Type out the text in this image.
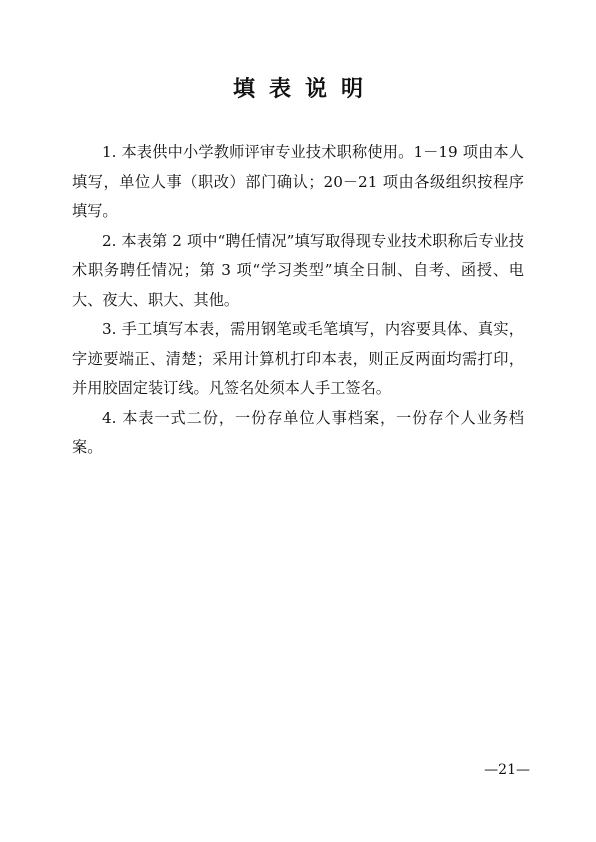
填表说明

1. 本表供中小学教师评审专业技术职称使用。1－19 项由本人填写，单位人事（职改）部门确认；20－21 项由各级组织按程序填写。

2. 本表第 2 项中“聘任情况”填写取得现专业技术职称后专业技术职务聘任情况；第 3 项“学习类型”填全日制、自考、函授、电大、夜大、职大、其他。

3. 手工填写本表，需用钢笔或毛笔填写，内容要具体、真实，字迹要端正、清楚；采用计算机打印本表，则正反两面均需打印，并用胶固定装订线。凡签名处须本人手工签名。

4. 本表一式二份，一份存单位人事档案，一份存个人业务档案。

—21—
